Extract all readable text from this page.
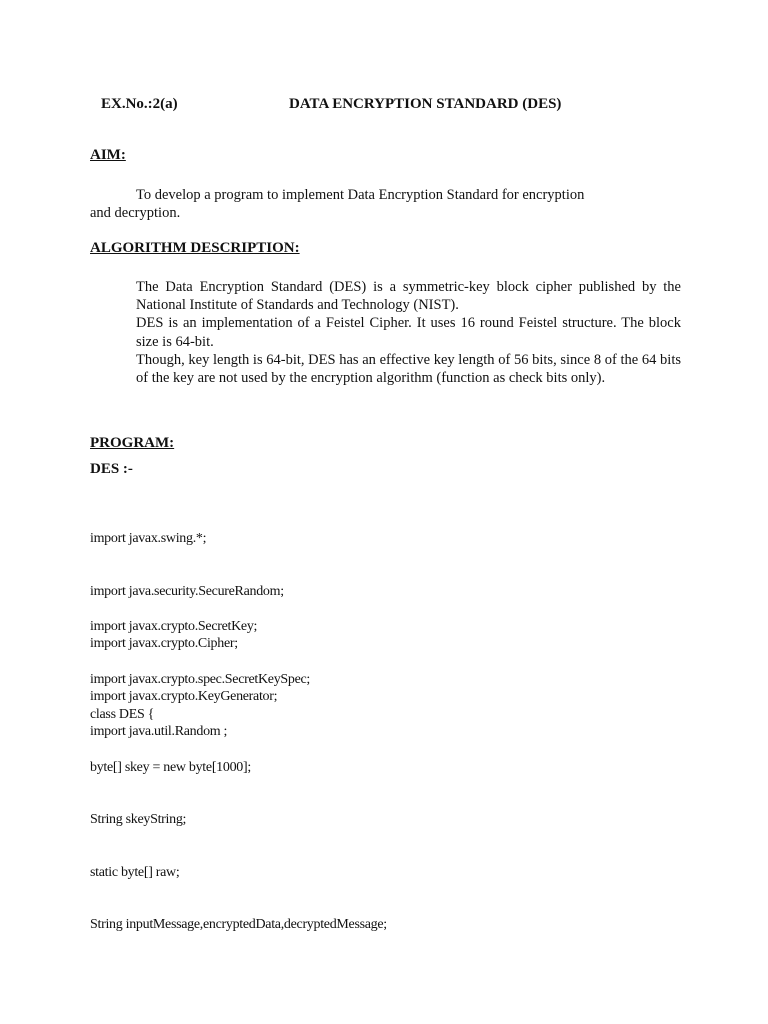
EX.No.:2(a)	DATA ENCRYPTION STANDARD (DES)
AIM:
To develop a program to implement Data Encryption Standard for encryption
and decryption.
ALGORITHM DESCRIPTION:

The Data Encryption Standard (DES) is a symmetric-key block cipher published by the National Institute of Standards and Technology (NIST).

DES is an implementation of a Feistel Cipher. It uses 16 round Feistel structure. The block size is 64-bit.

Though, key length is 64-bit, DES has an effective key length of 56 bits, since 8 of the 64 bits of the key are not used by the encryption algorithm (function as check bits only).

PROGRAM:
DES :-

import javax.swing.*;

import java.security.SecureRandom;

import javax.crypto.Cipher;

import javax.crypto.KeyGenerator;

import javax.crypto.SecretKey;

import javax.crypto.spec.SecretKeySpec;

import java.util.Random ;

class DES {

byte[] skey = new byte[1000];

String skeyString;

static byte[] raw;

String inputMessage,encryptedData,decryptedMessage;
